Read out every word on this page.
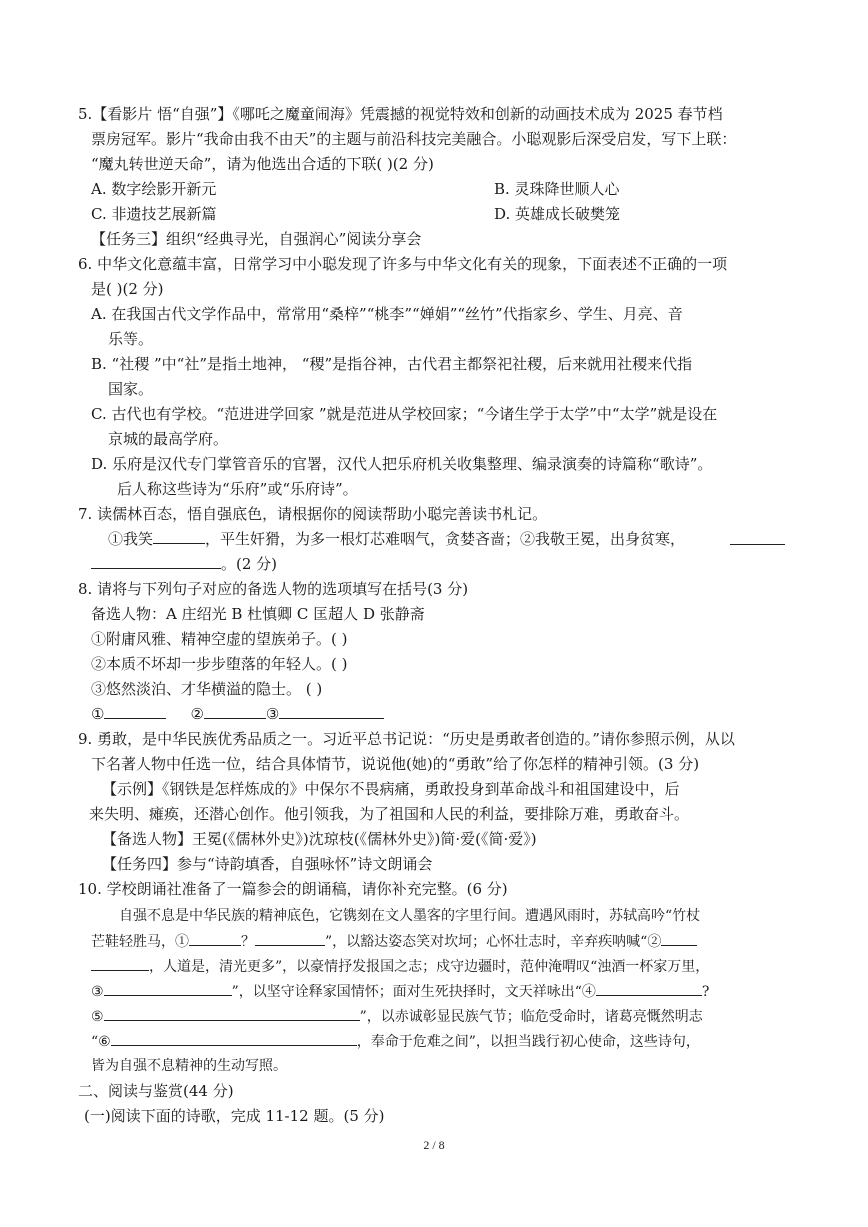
5.【看影片 悟“自强”】《哪吒之魔童闹海》凭震撼的视觉特效和创新的动画技术成为 2025 春节档
票房冠军。影片“我命由我不由天”的主题与前沿科技完美融合。小聪观影后深受启发，写下上联：
“魔丸转世逆天命”，请为他选出合适的下联( )(2 分)
A. 数字绘影开新元	B. 灵珠降世顺人心
C. 非遗技艺展新篇	D. 英雄成长破樊笼
【任务三】组织“经典寻光，自强润心”阅读分享会
6. 中华文化意蕴丰富，日常学习中小聪发现了许多与中华文化有关的现象，下面表述不正确的一项
是( )(2 分)
A. 在我国古代文学作品中，常常用“桑梓”“桃李”“婵娟”“丝竹”代指家乡、学生、月亮、音
乐等。
B. “社稷 ”中“社”是指土地神， “稷”是指谷神，古代君主都祭祀社稷，后来就用社稷来代指
国家。
C. 古代也有学校。“范进进学回家 ”就是范进从学校回家；“今诸生学于太学”中“太学”就是设在
京城的最高学府。
D. 乐府是汉代专门掌管音乐的官署，汉代人把乐府机关收集整理、编录演奏的诗篇称“歌诗”。
后人称这些诗为“乐府”或“乐府诗”。
7. 读儒林百态，悟自强底色，请根据你的阅读帮助小聪完善读书札记。
①我笑	，平生奸猾，为多一根灯芯难咽气，贪婪吝啬；②我敬王冕，出身贫寒，
。(2 分)
8. 请将与下列句子对应的备选人物的选项填写在括号(3 分)
备选人物：A 庄绍光 B 杜慎卿 C 匡超人 D 张静斋
①附庸风雅、精神空虚的望族弟子。( )
②本质不坏却一步步堕落的年轻人。( )
③悠然淡泊、才华横溢的隐士。 ( )
①	②	③
9. 勇敢，是中华民族优秀品质之一。习近平总书记说：“历史是勇敢者创造的。”请你参照示例，从以
下名著人物中任选一位，结合具体情节，说说他(她)的“勇敢”给了你怎样的精神引领。(3 分)
【示例】《钢铁是怎样炼成的》中保尔不畏病痛，勇敢投身到革命战斗和祖国建设中，后
来失明、瘫痪，还潜心创作。他引领我，为了祖国和人民的利益，要排除万难，勇敢奋斗。
【备选人物】王冕(《儒林外史》)沈琼枝(《儒林外史》)简·爱(《简·爱》)
【任务四】参与“诗韵填香，自强咏怀”诗文朗诵会
10. 学校朗诵社准备了一篇参会的朗诵稿，请你补充完整。(6 分)
自强不息是中华民族的精神底色，它镌刻在文人墨客的字里行间。遭遇风雨时，苏轼高吟“竹杖
芒鞋轻胜马，①	？	”，以豁达姿态笑对坎坷；心怀壮志时，辛弃疾呐喊“②
，人道是，清光更多”，以豪情抒发报国之志；戍守边疆时，范仲淹喟叹“浊酒一杯家万里，
③	”，以坚守诠释家国情怀；面对生死抉择时，文天祥咏出“④	?
⑤	”，以赤诚彰显民族气节；临危受命时，诸葛亮慨然明志
“⑥	，奉命于危难之间”，以担当践行初心使命，这些诗句，
皆为自强不息精神的生动写照。
二、阅读与鉴赏(44 分)
(一)阅读下面的诗歌，完成 11-12 题。(5 分)
2 / 8
